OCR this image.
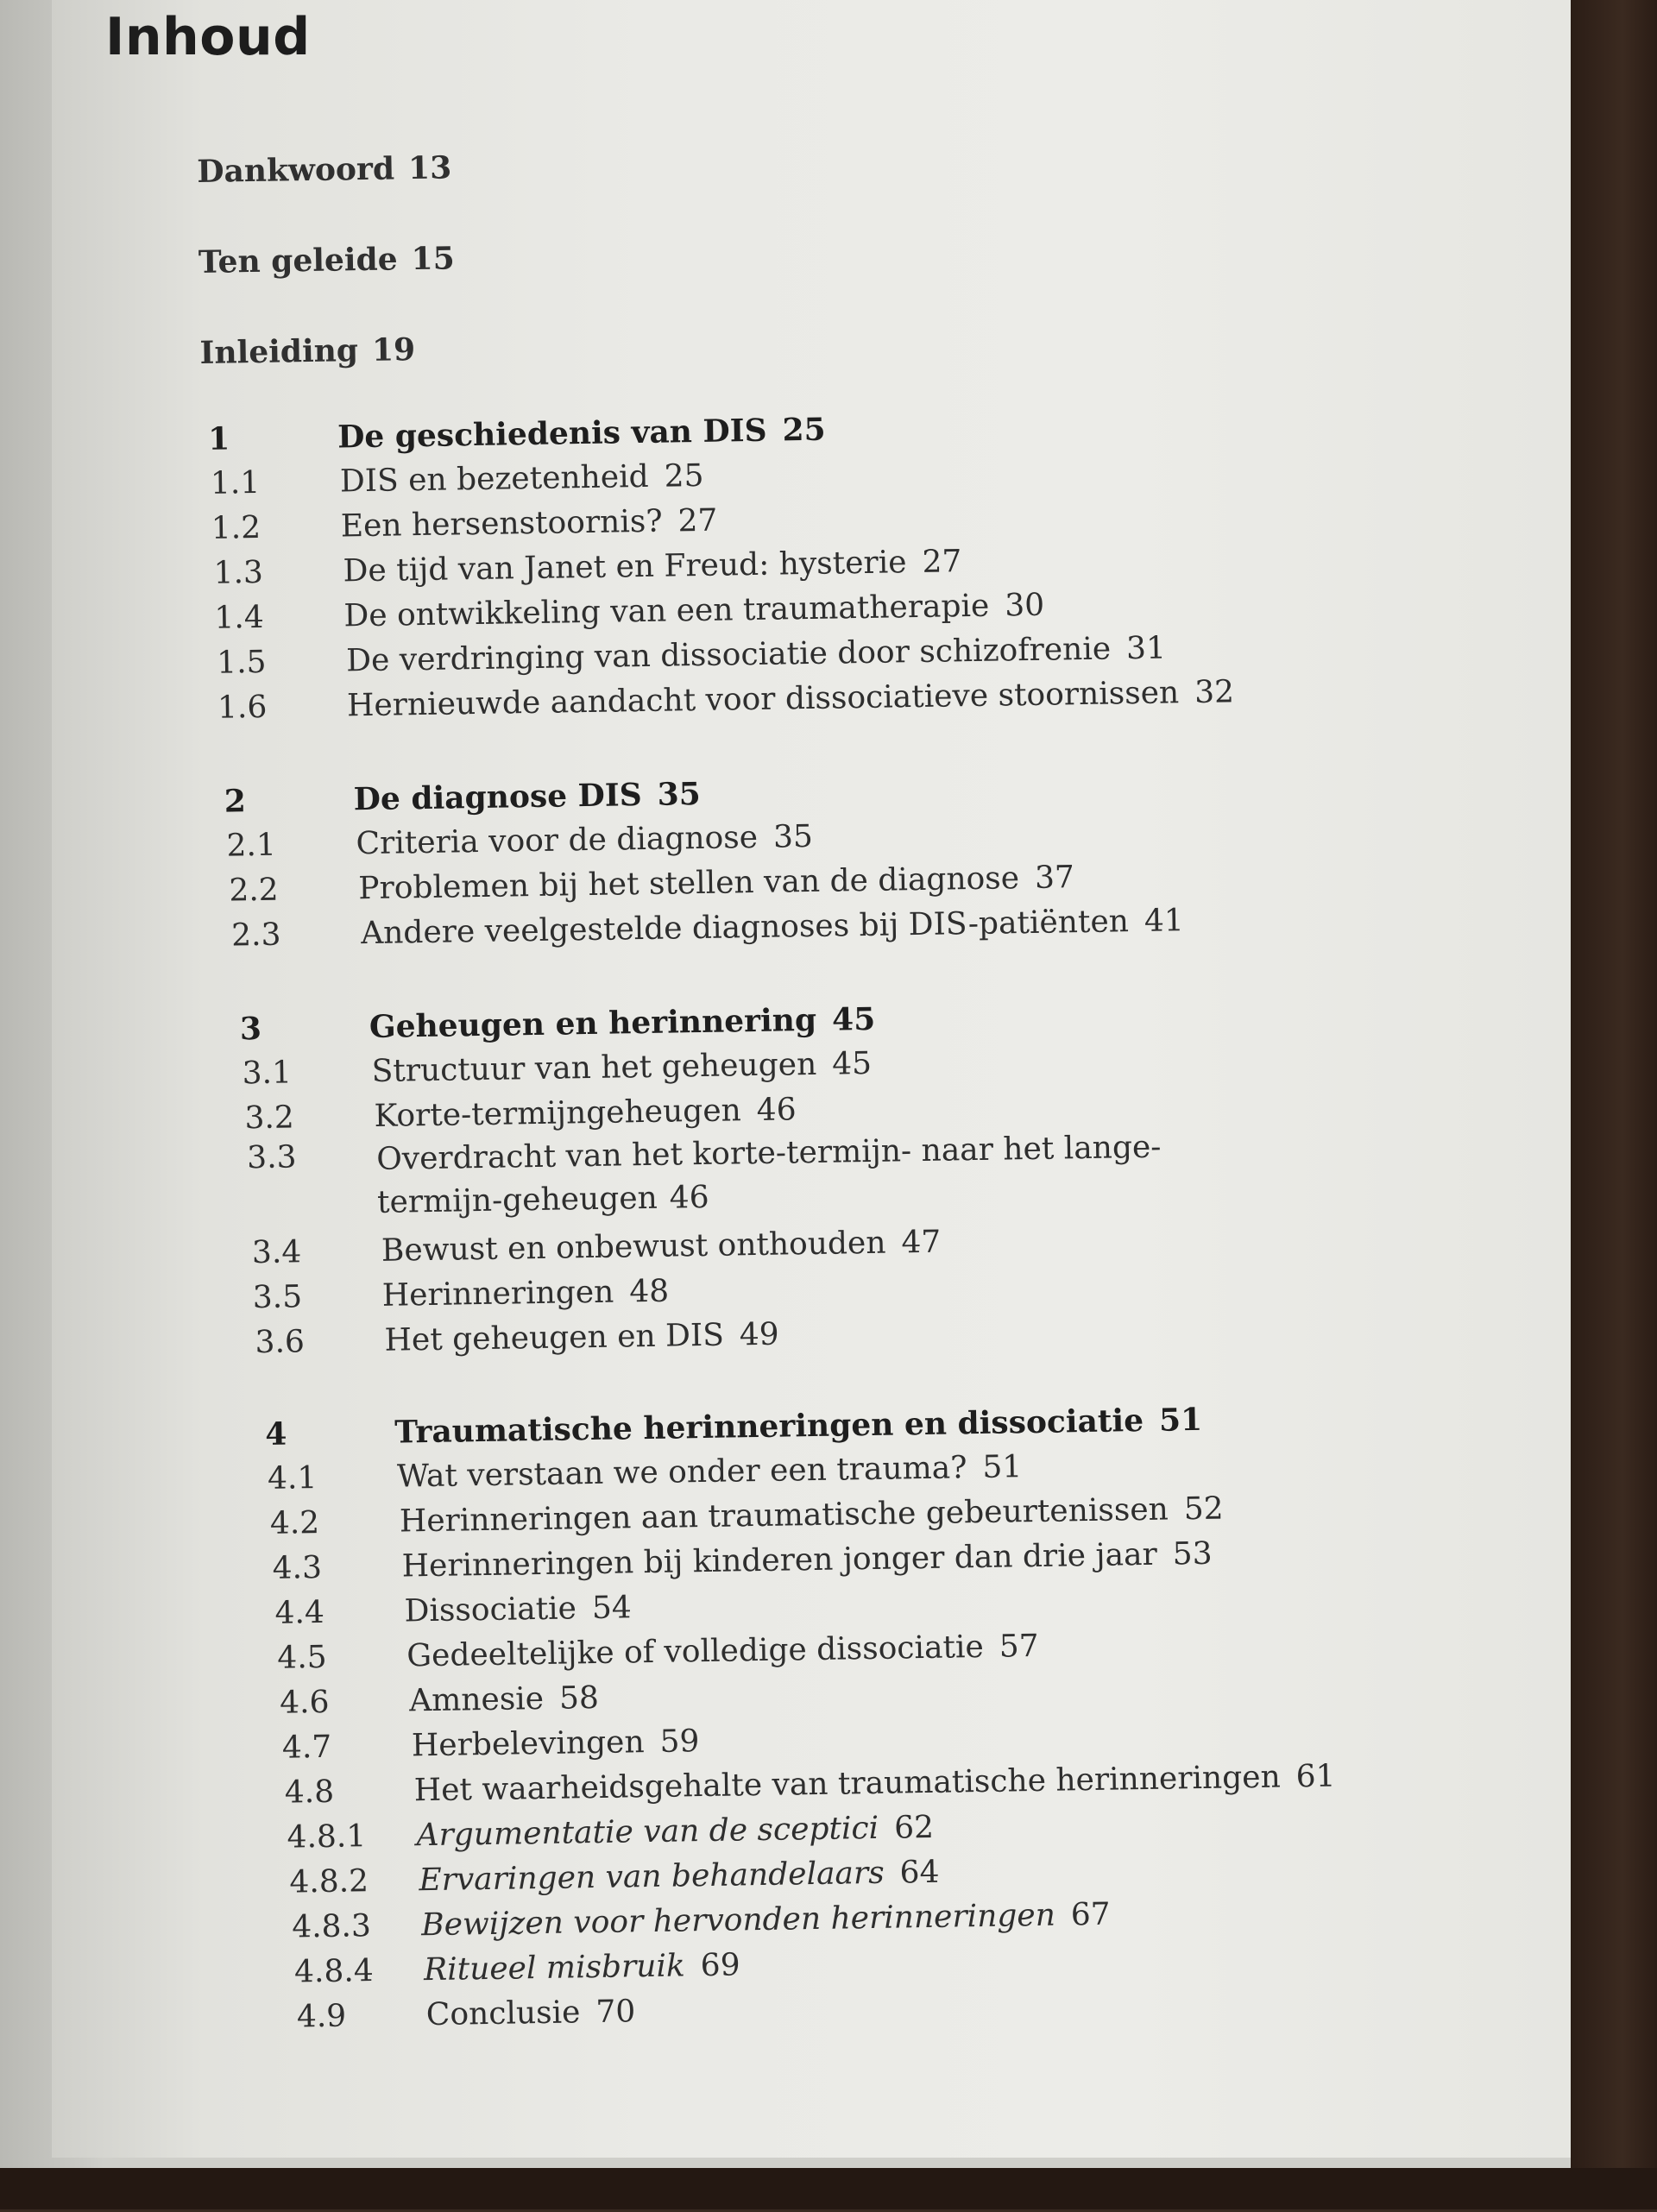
Inhoud
Dankwoord 13
Ten geleide 15
Inleiding 19
1	De geschiedenis van DIS 25
1.1	DIS en bezetenheid 25
1.2	Een hersenstoornis? 27
1.3	De tijd van Janet en Freud: hysterie 27
1.4	De ontwikkeling van een traumatherapie 30
1.5	De verdringing van dissociatie door schizofrenie 31
1.6	Hernieuwde aandacht voor dissociatieve stoornissen 32
2	De diagnose DIS 35
2.1	Criteria voor de diagnose 35
2.2	Problemen bij het stellen van de diagnose 37
2.3	Andere veelgestelde diagnoses bij DIS-patiënten 41
3	Geheugen en herinnering 45
3.1	Structuur van het geheugen 45
3.2	Korte-termijngeheugen 46
3.3	Overdracht van het korte-termijn- naar het lange-termijn-geheugen 46
3.4	Bewust en onbewust onthouden 47
3.5	Herinneringen 48
3.6	Het geheugen en DIS 49
4	Traumatische herinneringen en dissociatie 51
4.1	Wat verstaan we onder een trauma? 51
4.2	Herinneringen aan traumatische gebeurtenissen 52
4.3	Herinneringen bij kinderen jonger dan drie jaar 53
4.4	Dissociatie 54
4.5	Gedeeltelijke of volledige dissociatie 57
4.6	Amnesie 58
4.7	Herbelevingen 59
4.8	Het waarheidsgehalte van traumatische herinneringen 61
4.8.1	Argumentatie van de sceptici 62
4.8.2	Ervaringen van behandelaars 64
4.8.3	Bewijzen voor hervonden herinneringen 67
4.8.4	Ritueel misbruik 69
4.9	Conclusie 70
